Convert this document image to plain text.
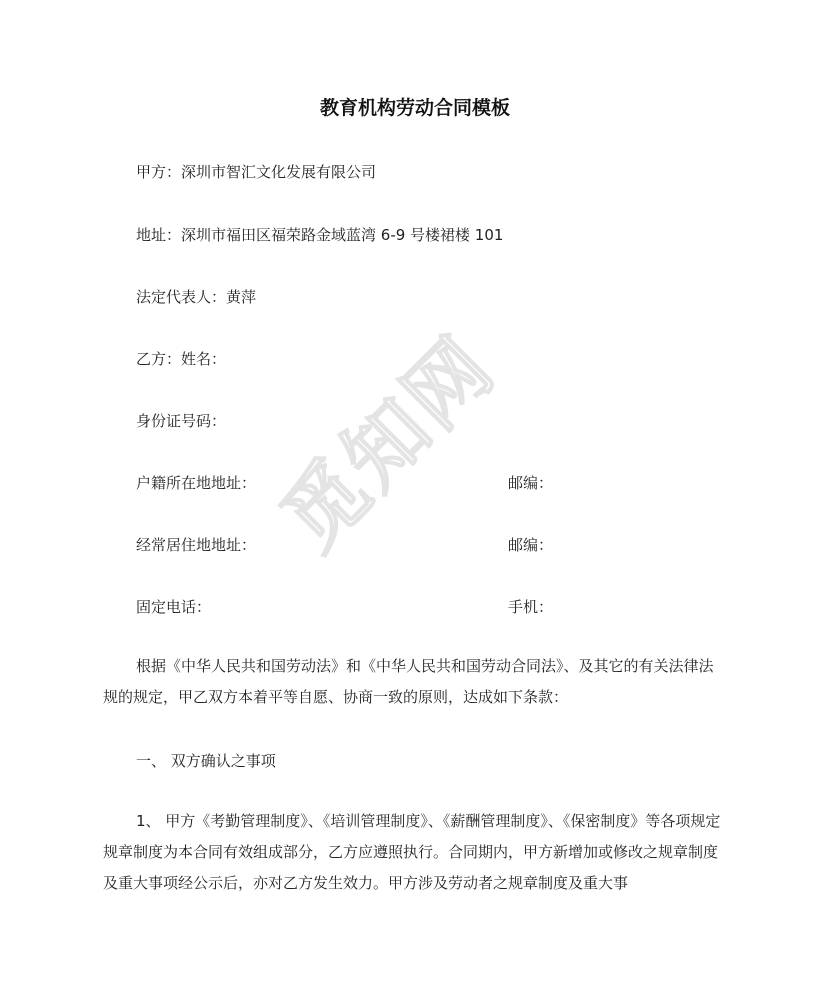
教育机构劳动合同模板

甲方：深圳市智汇文化发展有限公司

地址：深圳市福田区福荣路金域蓝湾 6-9 号楼裙楼 101

法定代表人：黄萍

乙方：姓名：

身份证号码：

户籍所在地地址：	邮编：

经常居住地地址：	邮编：

固定电话：	手机：

根据《中华人民共和国劳动法》和《中华人民共和国劳动合同法》、及其它的有关法律法规的规定，甲乙双方本着平等自愿、协商一致的原则，达成如下条款：

一、 双方确认之事项

1、 甲方《考勤管理制度》、《培训管理制度》、《薪酬管理制度》、《保密制度》等各项规定规章制度为本合同有效组成部分，乙方应遵照执行。合同期内，甲方新增加或修改之规章制度及重大事项经公示后，亦对乙方发生效力。甲方涉及劳动者之规章制度及重大事

觅知网
